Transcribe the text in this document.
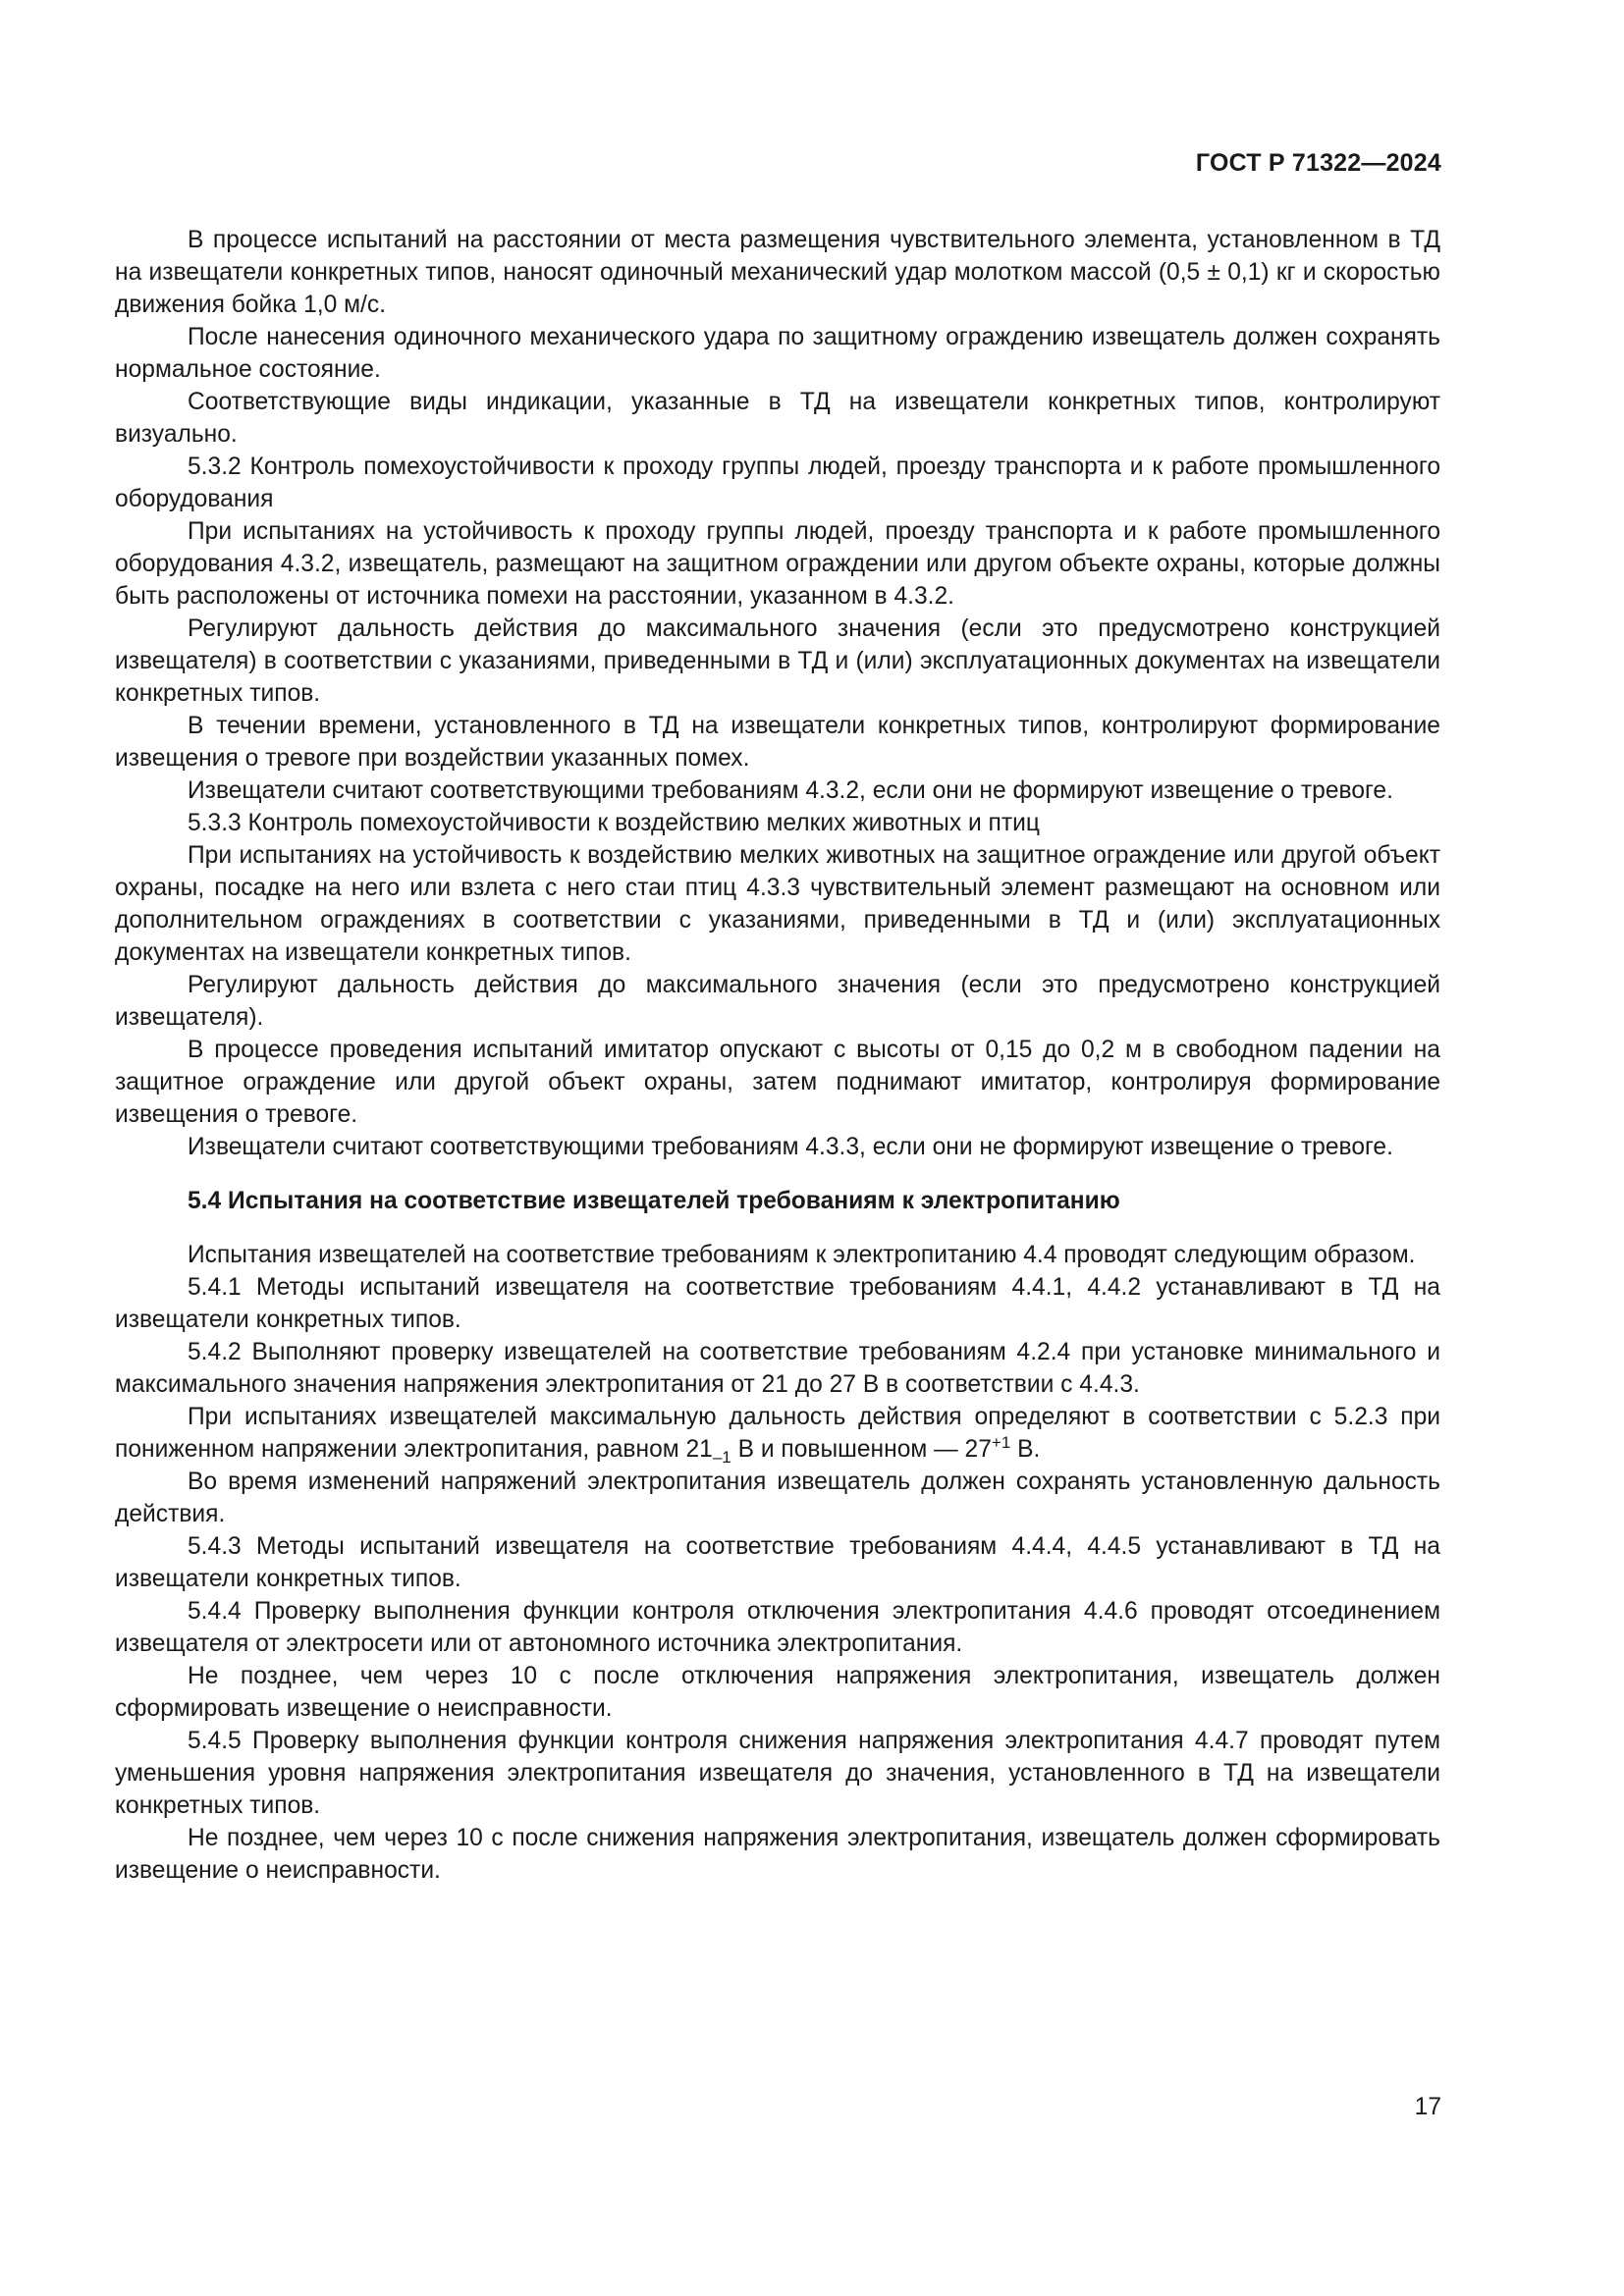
ГОСТ Р 71322—2024

В процессе испытаний на расстоянии от места размещения чувствительного элемента, установленном в ТД на извещатели конкретных типов, наносят одиночный механический удар молотком массой (0,5 ± 0,1) кг и скоростью движения бойка 1,0 м/с.

После нанесения одиночного механического удара по защитному ограждению извещатель должен сохранять нормальное состояние.

Соответствующие виды индикации, указанные в ТД на извещатели конкретных типов, контролируют визуально.

5.3.2 Контроль помехоустойчивости к проходу группы людей, проезду транспорта и к работе промышленного оборудования

При испытаниях на устойчивость к проходу группы людей, проезду транспорта и к работе промышленного оборудования 4.3.2, извещатель, размещают на защитном ограждении или другом объекте охраны, которые должны быть расположены от источника помехи на расстоянии, указанном в 4.3.2.

Регулируют дальность действия до максимального значения (если это предусмотрено конструкцией извещателя) в соответствии с указаниями, приведенными в ТД и (или) эксплуатационных документах на извещатели конкретных типов.

В течении времени, установленного в ТД на извещатели конкретных типов, контролируют формирование извещения о тревоге при воздействии указанных помех.

Извещатели считают соответствующими требованиям 4.3.2, если они не формируют извещение о тревоге.

5.3.3 Контроль помехоустойчивости к воздействию мелких животных и птиц

При испытаниях на устойчивость к воздействию мелких животных на защитное ограждение или другой объект охраны, посадке на него или взлета с него стаи птиц 4.3.3 чувствительный элемент размещают на основном или дополнительном ограждениях в соответствии с указаниями, приведенными в ТД и (или) эксплуатационных документах на извещатели конкретных типов.

Регулируют дальность действия до максимального значения (если это предусмотрено конструкцией извещателя).

В процессе проведения испытаний имитатор опускают с высоты от 0,15 до 0,2 м в свободном падении на защитное ограждение или другой объект охраны, затем поднимают имитатор, контролируя формирование извещения о тревоге.

Извещатели считают соответствующими требованиям 4.3.3, если они не формируют извещение о тревоге.

5.4 Испытания на соответствие извещателей требованиям к электропитанию

Испытания извещателей на соответствие требованиям к электропитанию 4.4 проводят следующим образом.

5.4.1 Методы испытаний извещателя на соответствие требованиям 4.4.1, 4.4.2 устанавливают в ТД на извещатели конкретных типов.

5.4.2 Выполняют проверку извещателей на соответствие требованиям 4.2.4 при установке минимального и максимального значения напряжения электропитания от 21 до 27 В в соответствии с 4.4.3.

При испытаниях извещателей максимальную дальность действия определяют в соответствии с 5.2.3 при пониженном напряжении электропитания, равном $21_{-1}$ В и повышенном — $27^{+1}$ В.

Во время изменений напряжений электропитания извещатель должен сохранять установленную дальность действия.

5.4.3 Методы испытаний извещателя на соответствие требованиям 4.4.4, 4.4.5 устанавливают в ТД на извещатели конкретных типов.

5.4.4 Проверку выполнения функции контроля отключения электропитания 4.4.6 проводят отсоединением извещателя от электросети или от автономного источника электропитания.

Не позднее, чем через 10 с после отключения напряжения электропитания, извещатель должен сформировать извещение о неисправности.

5.4.5 Проверку выполнения функции контроля снижения напряжения электропитания 4.4.7 проводят путем уменьшения уровня напряжения электропитания извещателя до значения, установленного в ТД на извещатели конкретных типов.

Не позднее, чем через 10 с после снижения напряжения электропитания, извещатель должен сформировать извещение о неисправности.

17
